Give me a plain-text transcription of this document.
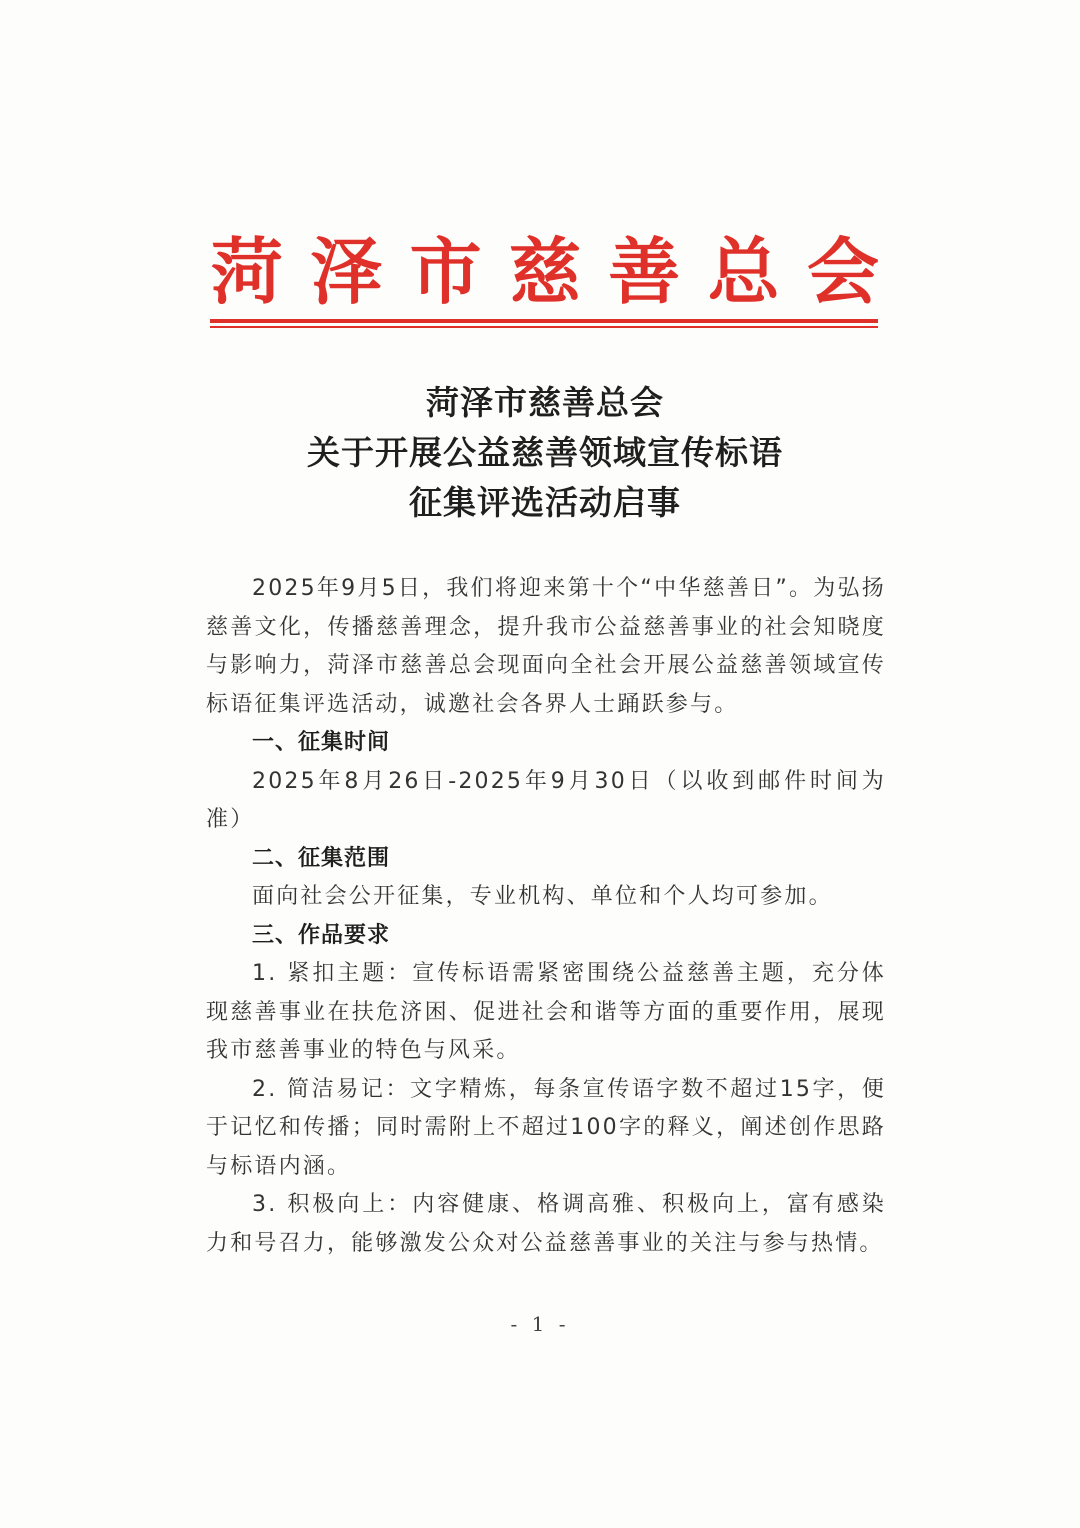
菏 泽 市 慈 善 总 会
菏泽市慈善总会
关于开展公益慈善领域宣传标语
征集评选活动启事

2025年9月5日，我们将迎来第十个“中华慈善日”。为弘扬慈善文化，传播慈善理念，提升我市公益慈善事业的社会知晓度与影响力，菏泽市慈善总会现面向全社会开展公益慈善领域宣传标语征集评选活动，诚邀社会各界人士踊跃参与。

一、征集时间

2025年8月26日-2025年9月30日（以收到邮件时间为准）

二、征集范围

面向社会公开征集，专业机构、单位和个人均可参加。

三、作品要求

1. 紧扣主题：宣传标语需紧密围绕公益慈善主题，充分体现慈善事业在扶危济困、促进社会和谐等方面的重要作用，展现我市慈善事业的特色与风采。

2. 简洁易记：文字精炼，每条宣传语字数不超过15字，便于记忆和传播；同时需附上不超过100字的释义，阐述创作思路与标语内涵。

3. 积极向上：内容健康、格调高雅、积极向上，富有感染力和号召力，能够激发公众对公益慈善事业的关注与参与热情。

- 1 -
